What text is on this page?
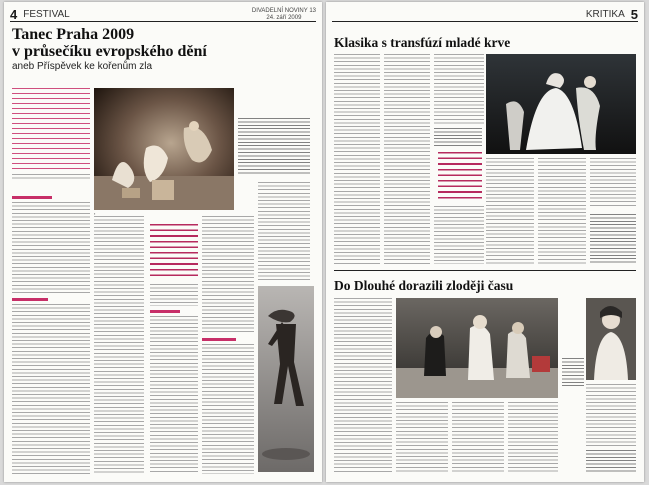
4 FESTIVAL	DIVADELNÍ NOVINY 13
24. září 2009
Tanec Praha 2009
v průsečíku evropského dění
aneb Příspěvek ke kořenům zla
▪
KRITIKA 5
Klasika s transfúzí mladé krve
Do Dlouhé dorazili zloději času
